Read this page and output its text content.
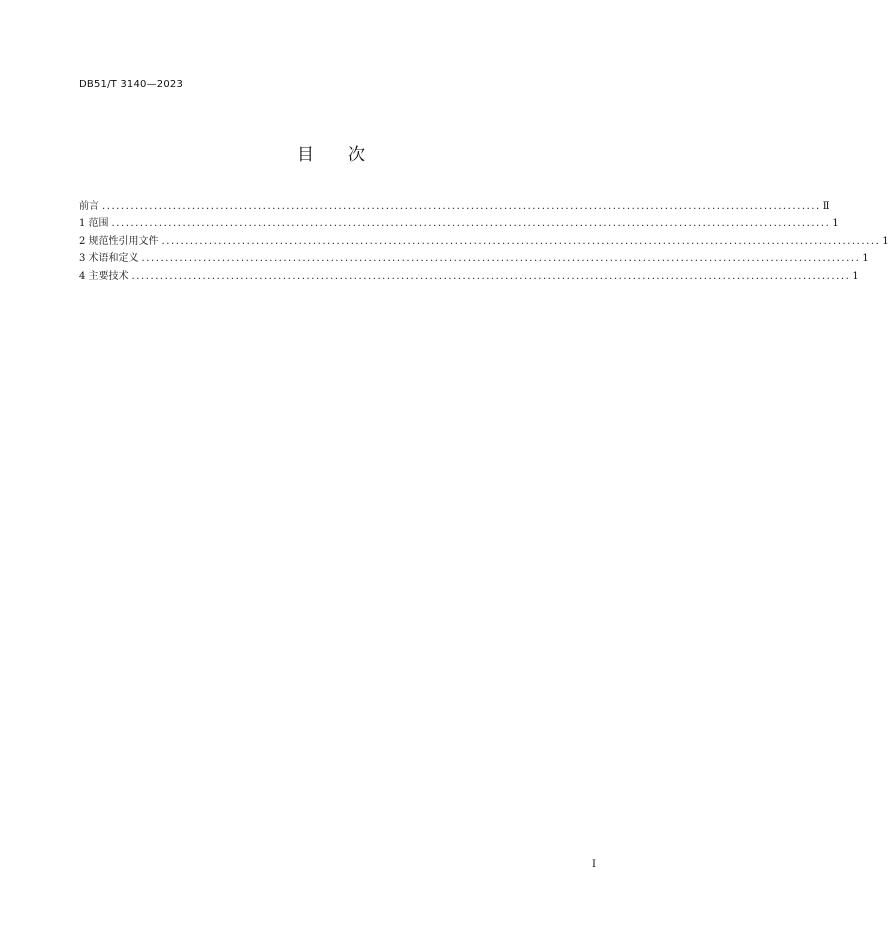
DB51/T 3140—2023
目 次
前言 ........................................................................................................................................................ Ⅱ
1 范围 ........................................................................................................................................................ 1
2 规范性引用文件 ........................................................................................................................................................ 1
3 术语和定义 ........................................................................................................................................................ 1
4 主要技术 ........................................................................................................................................................ 1
I
